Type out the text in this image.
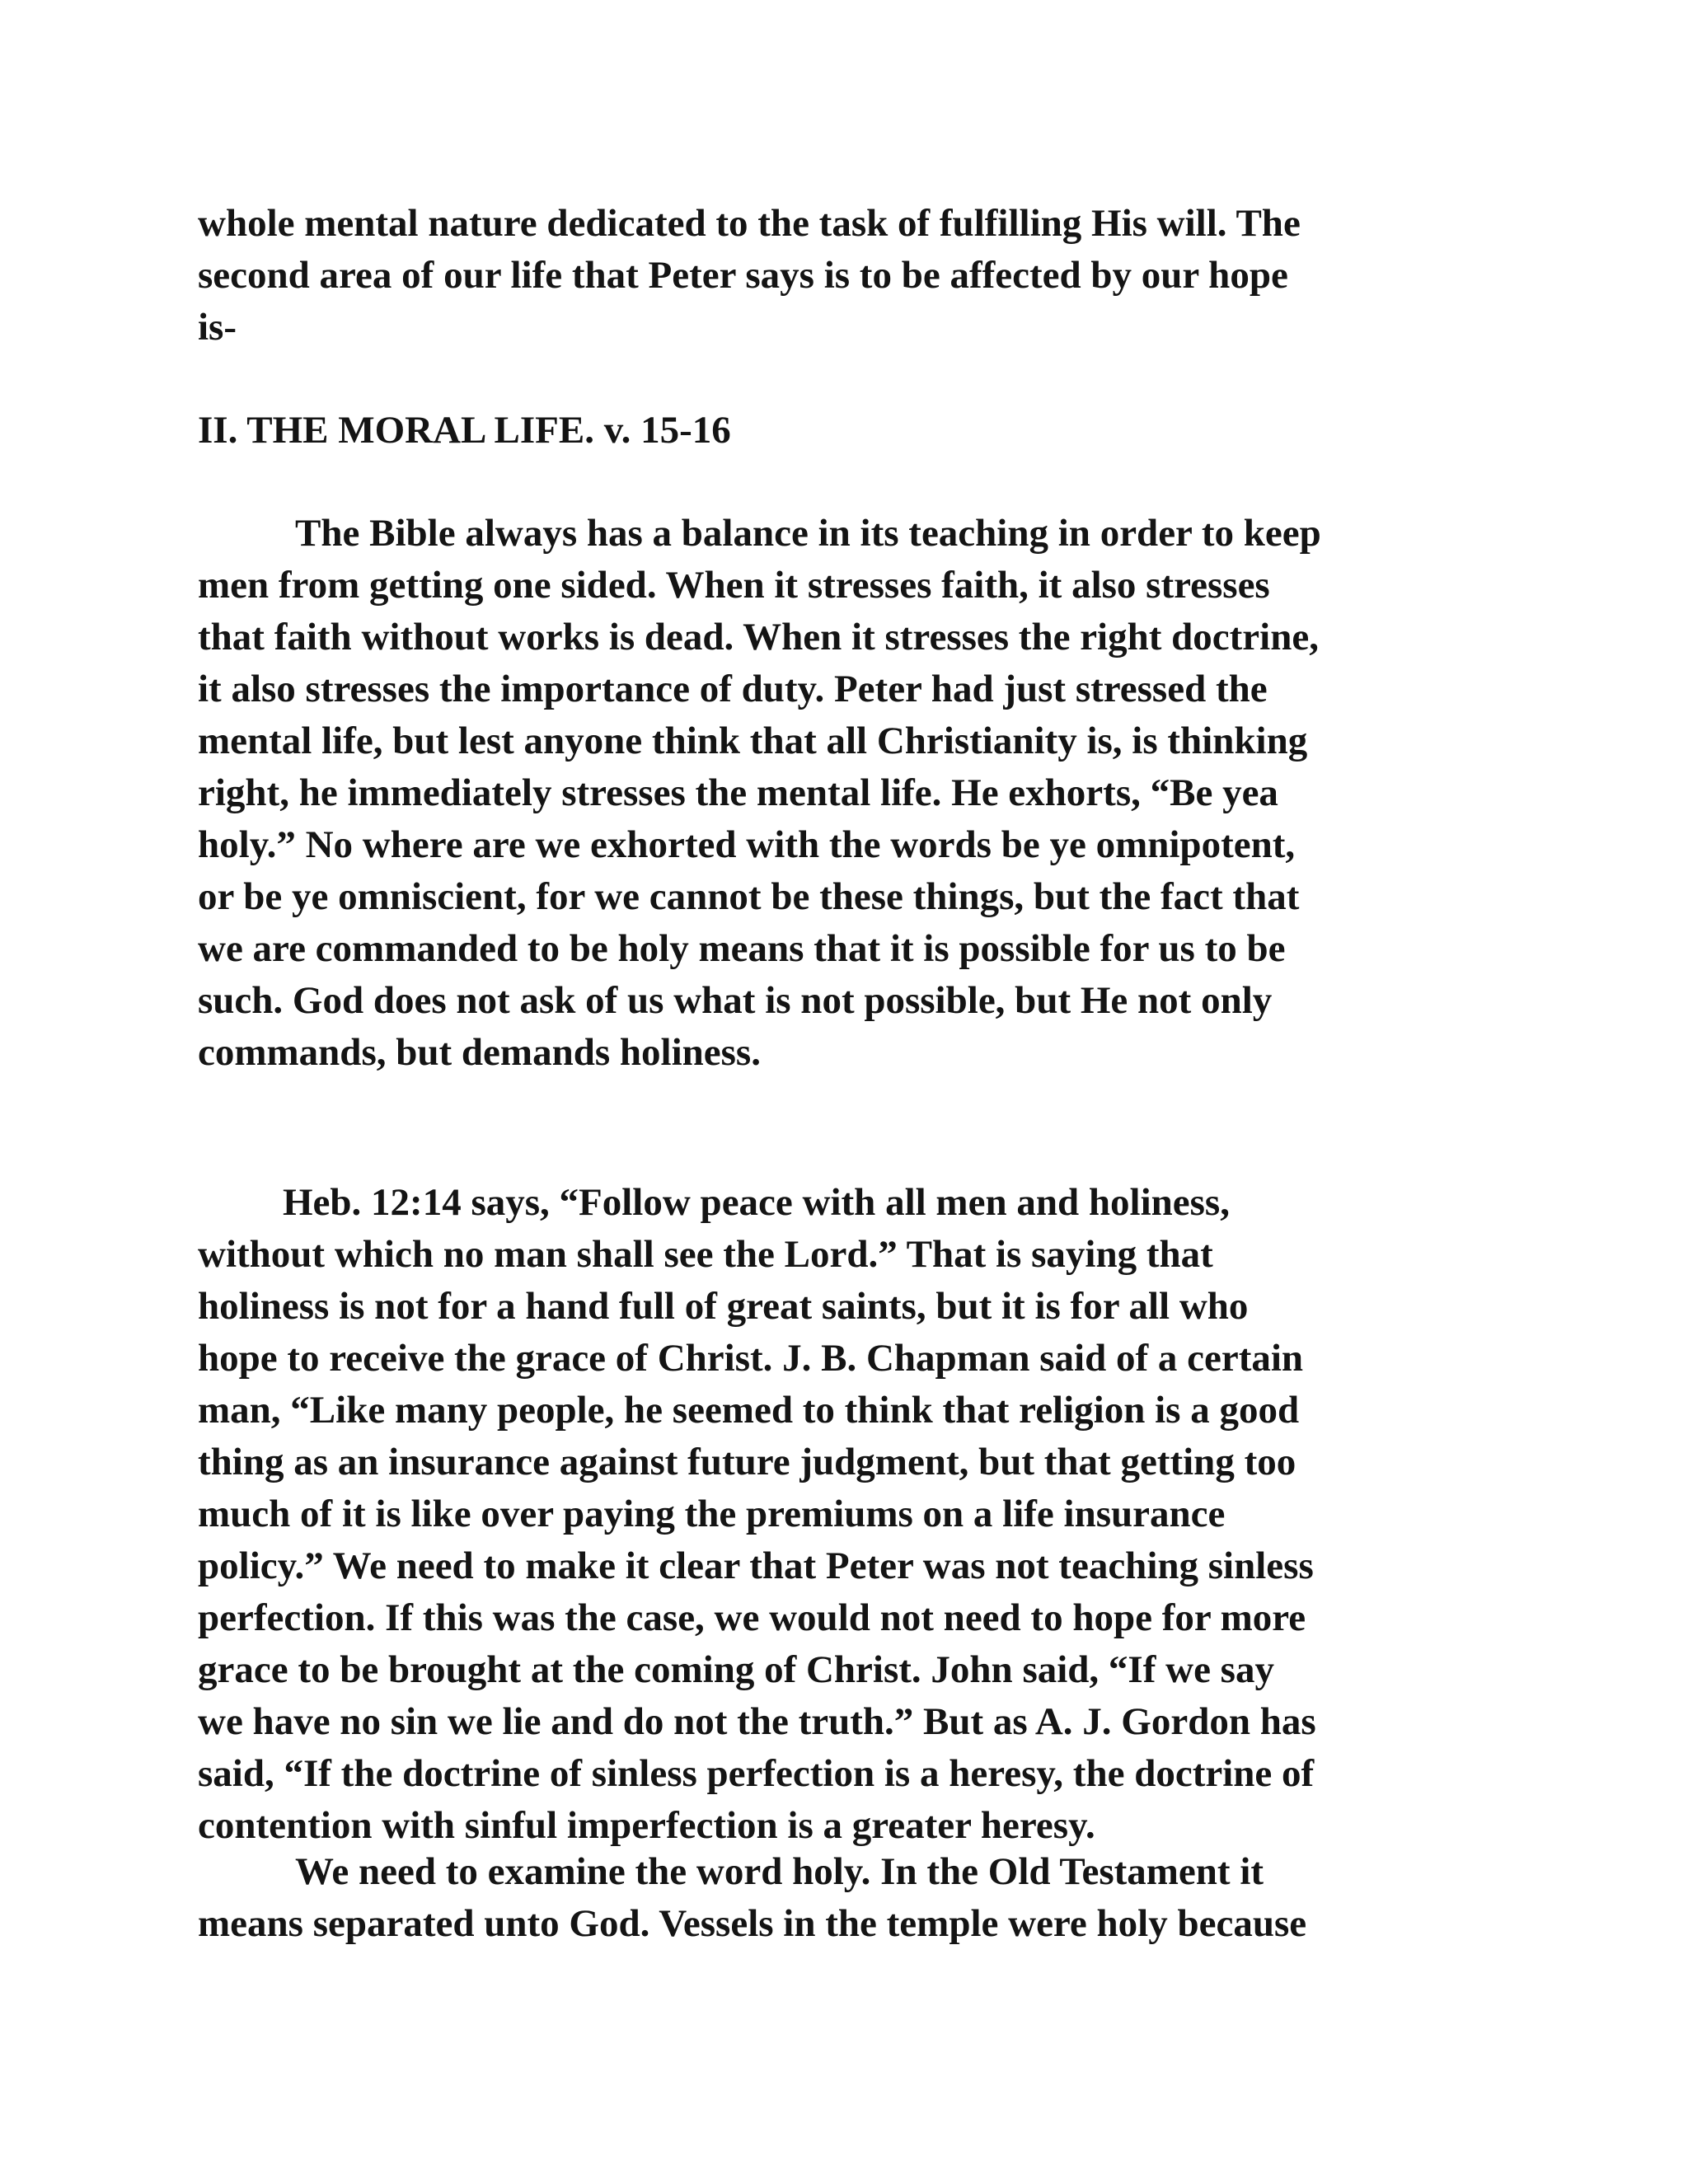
whole mental nature dedicated to the task of fulfilling His will. The
second area of our life that Peter says is to be affected by our hope
is-
II. THE MORAL LIFE. v. 15-16
The Bible always has a balance in its teaching in order to keep
men from getting one sided. When it stresses faith, it also stresses
that faith without works is dead. When it stresses the right doctrine,
it also stresses the importance of duty. Peter had just stressed the
mental life, but lest anyone think that all Christianity is, is thinking
right, he immediately stresses the mental life. He exhorts, “Be yea
holy.” No where are we exhorted with the words be ye omnipotent,
or be ye omniscient, for we cannot be these things, but the fact that
we are commanded to be holy means that it is possible for us to be
such. God does not ask of us what is not possible, but He not only
commands, but demands holiness.
Heb. 12:14 says, “Follow peace with all men and holiness,
without which no man shall see the Lord.” That is saying that
holiness is not for a hand full of great saints, but it is for all who
hope to receive the grace of Christ. J. B. Chapman said of a certain
man, “Like many people, he seemed to think that religion is a good
thing as an insurance against future judgment, but that getting too
much of it is like over paying the premiums on a life insurance
policy.” We need to make it clear that Peter was not teaching sinless
perfection. If this was the case, we would not need to hope for more
grace to be brought at the coming of Christ. John said, “If we say
we have no sin we lie and do not the truth.” But as A. J. Gordon has
said, “If the doctrine of sinless perfection is a heresy, the doctrine of
contention with sinful imperfection is a greater heresy.
We need to examine the word holy. In the Old Testament it
means separated unto God. Vessels in the temple were holy because
